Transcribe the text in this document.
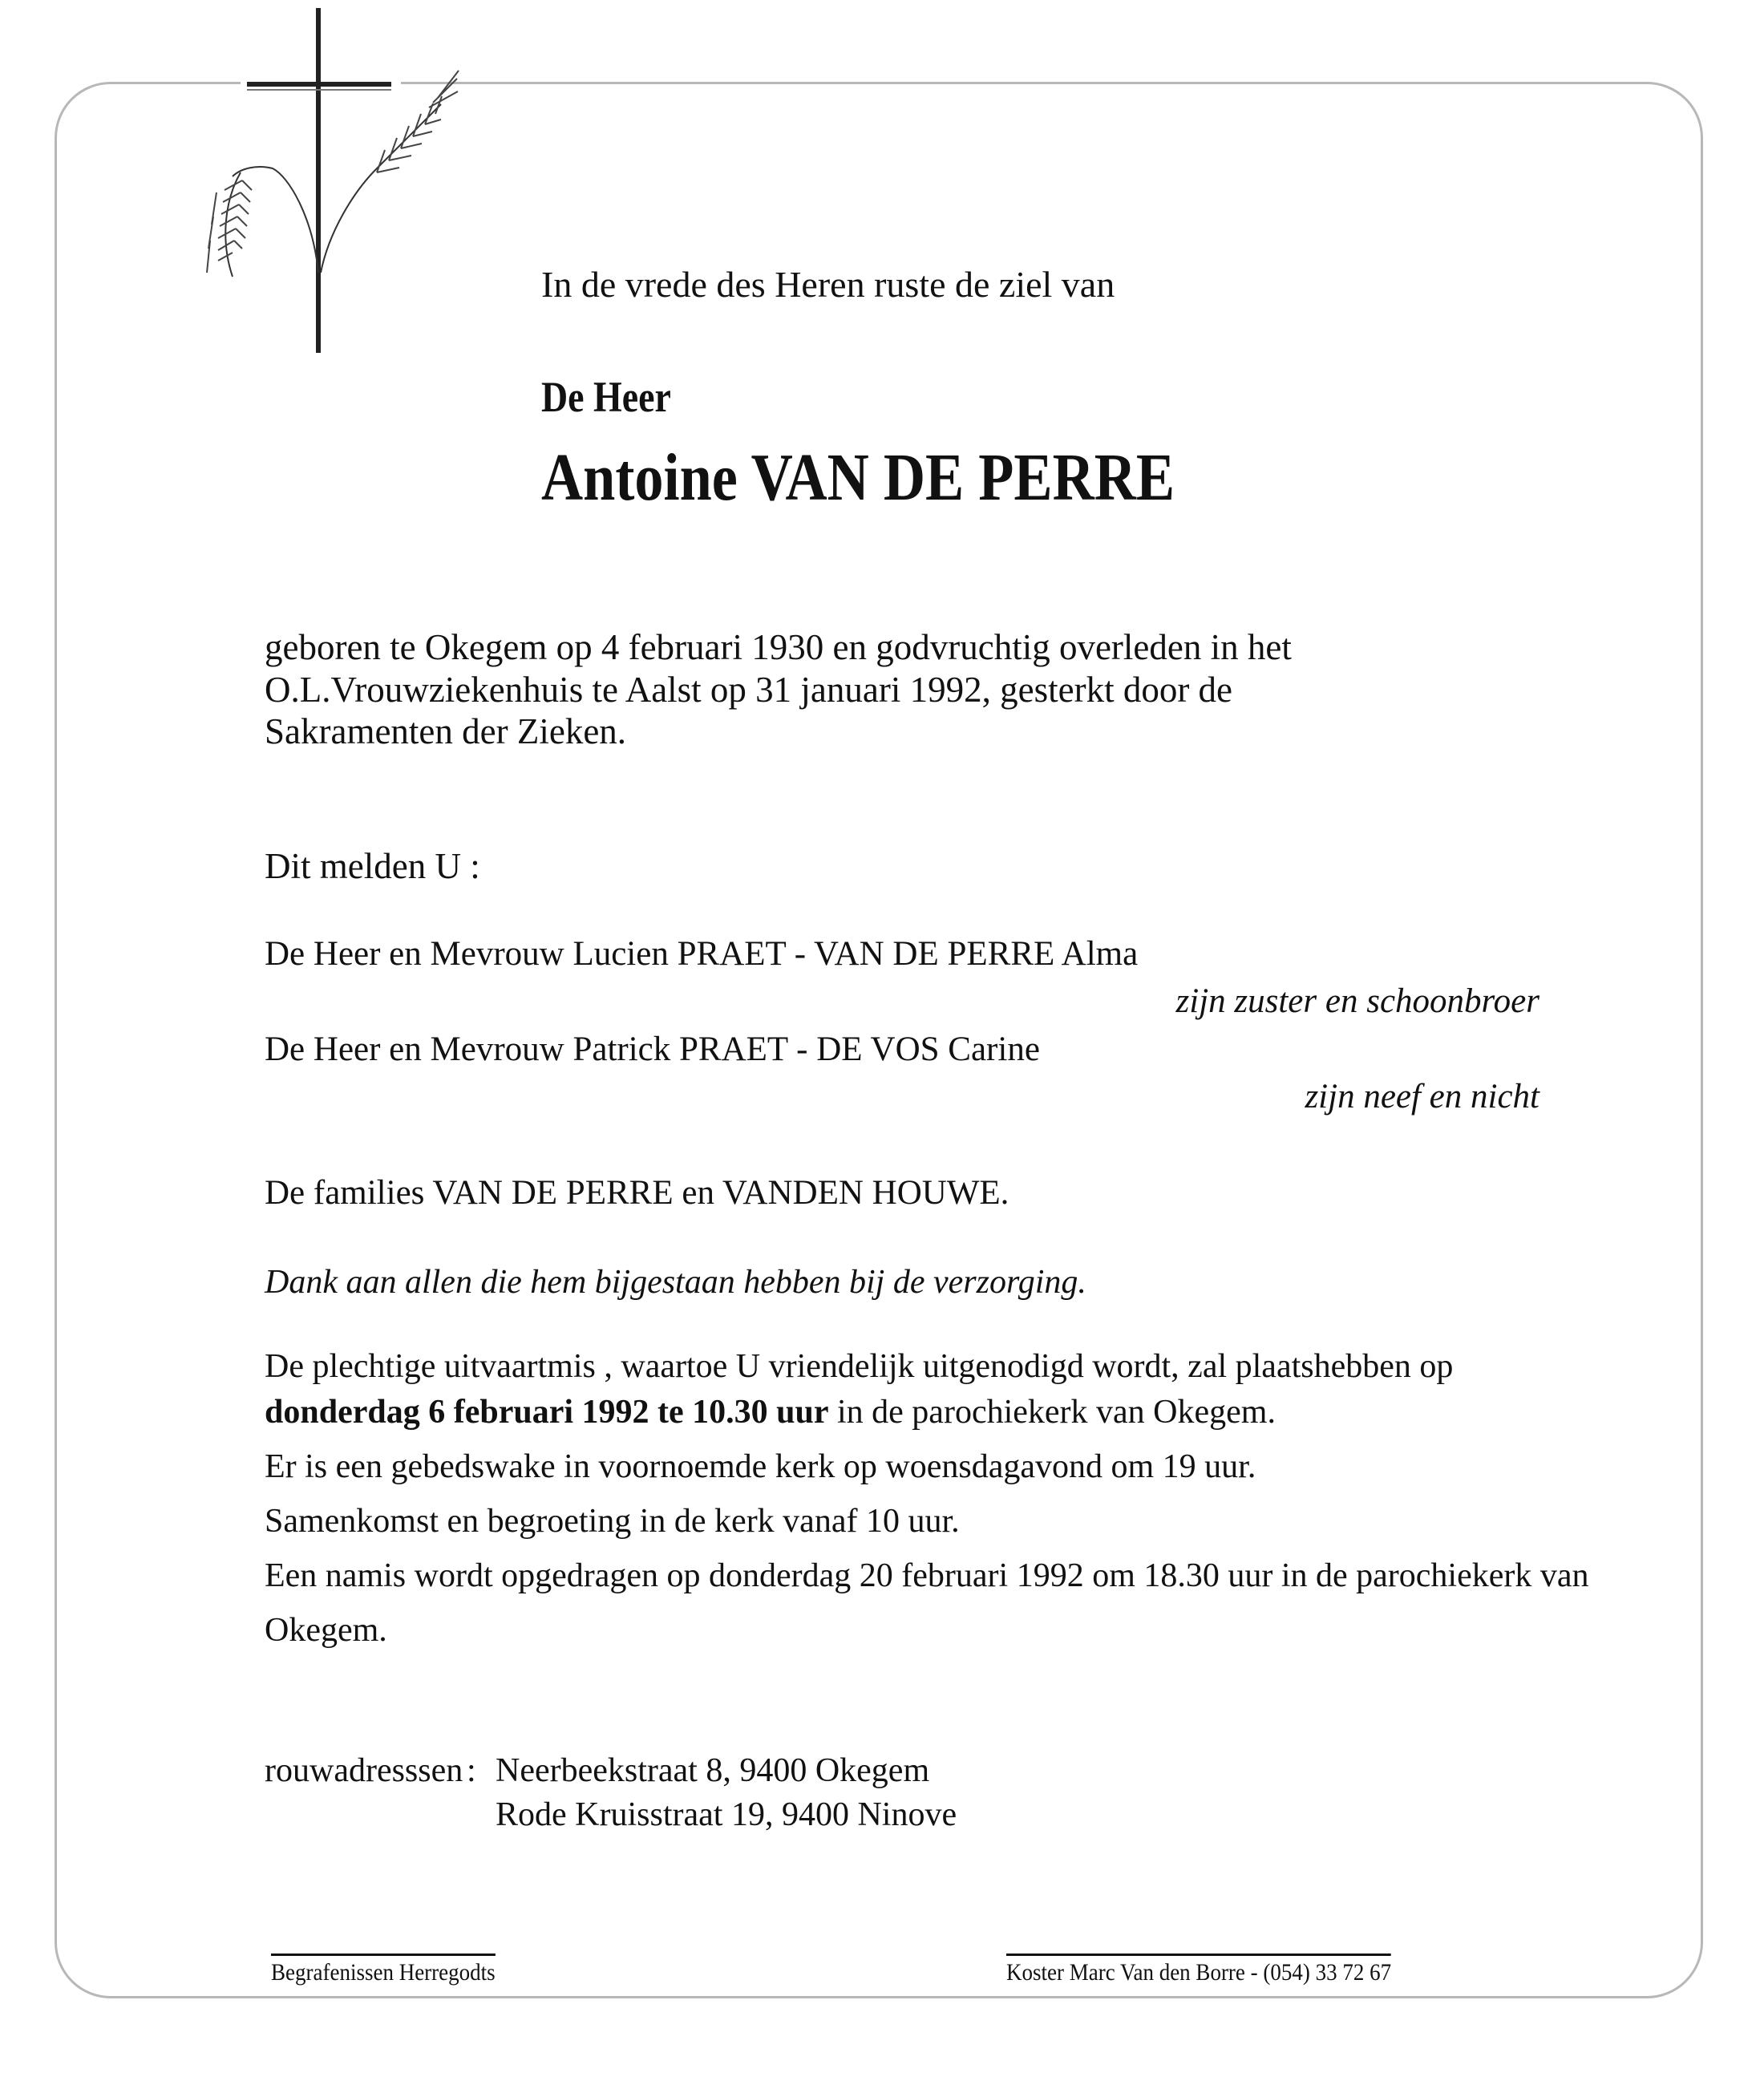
In de vrede des Heren ruste de ziel van
De Heer
Antoine VAN DE PERRE
geboren te Okegem op 4 februari 1930 en godvruchtig overleden in het
O.L.Vrouwziekenhuis te Aalst op 31 januari 1992, gesterkt door de
Sakramenten der Zieken.
Dit melden U :
De Heer en Mevrouw Lucien PRAET - VAN DE PERRE Alma
zijn zuster en schoonbroer
De Heer en Mevrouw Patrick PRAET - DE VOS Carine
zijn neef en nicht
De families VAN DE PERRE en VANDEN HOUWE.
Dank aan allen die hem bijgestaan hebben bij de verzorging.
De plechtige uitvaartmis , waartoe U vriendelijk uitgenodigd wordt, zal plaatshebben op
donderdag 6 februari 1992 te 10.30 uur in de parochiekerk van Okegem.
Er is een gebedswake in voornoemde kerk op woensdagavond om 19 uur.
Samenkomst en begroeting in de kerk vanaf 10 uur.
Een namis wordt opgedragen op donderdag 20 februari 1992 om 18.30 uur in de parochiekerk van
Okegem.
rouwadresssen : Neerbeekstraat 8, 9400 Okegem
Rode Kruisstraat 19, 9400 Ninove
Begrafenissen Herregodts	Koster Marc Van den Borre - (054) 33 72 67
